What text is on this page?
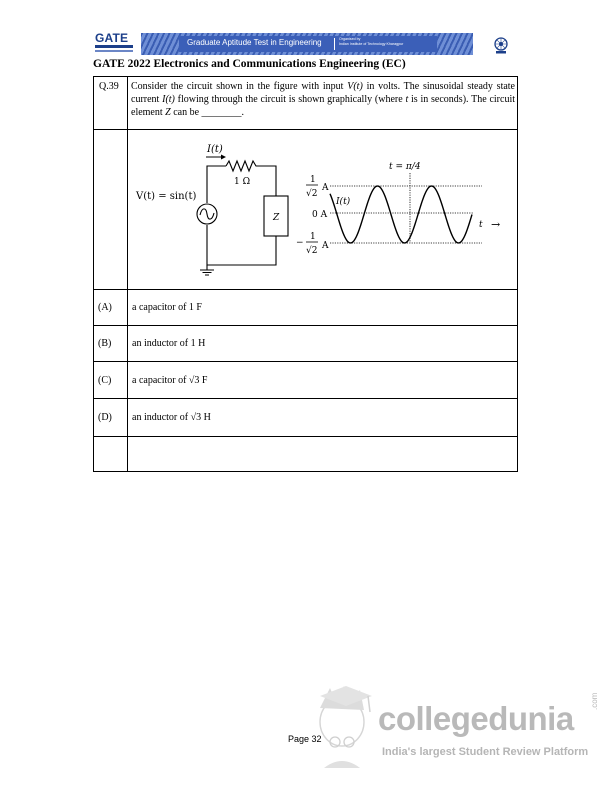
GATE	Graduate Aptitude Test in Engineering	Organised by
Indian Institute of Technology Kharagpur
GATE 2022 Electronics and Communications Engineering (EC)
Q.39 Consider the circuit shown in the figure with input V(t) in volts. The sinusoidal steady state current I(t) flowing through the circuit is shown graphically (where t is in seconds). The circuit element Z can be ________.
I(t)
1 Ω
V(t) = sin(t)
Z
t = π/4
1
√2
A
0 A
−
1
√2 A
I(t)
t →
(A) a capacitor of 1 F
(B) an inductor of 1 H
(C) a capacitor of √3 F
(D) an inductor of √3 H
collegedunia .com
India's largest Student Review Platform
Page 32
